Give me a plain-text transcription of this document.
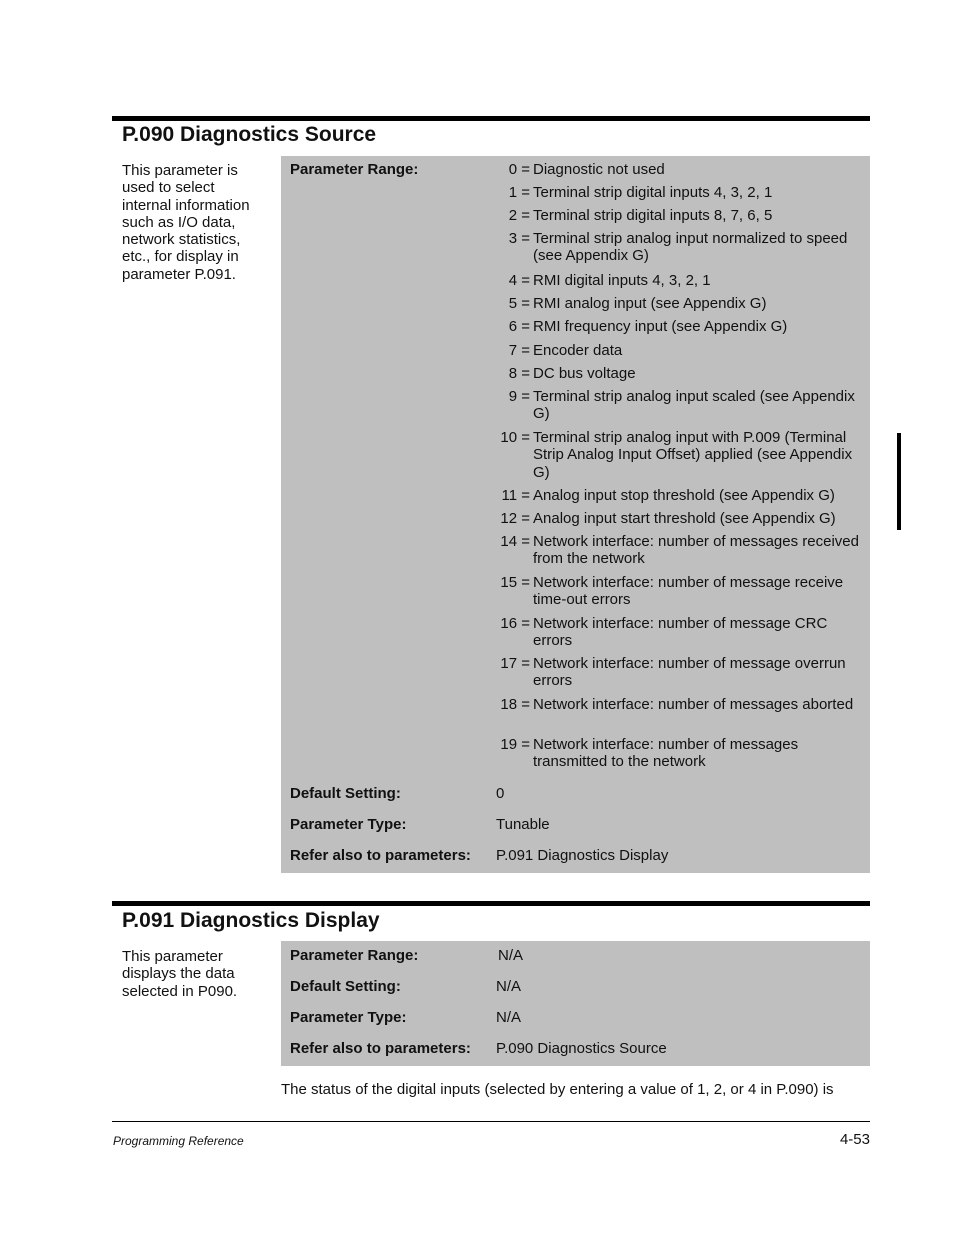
P.090 Diagnostics Source
This parameter is used to select internal information such as I/O data, network statistics, etc., for display in parameter P.091.
Parameter Range:	0 = Diagnostic not used
1 = Terminal strip digital inputs 4, 3, 2, 1
2 = Terminal strip digital inputs 8, 7, 6, 5
3 = Terminal strip analog input normalized to speed (see Appendix G)
4 = RMI digital inputs 4, 3, 2, 1
5 = RMI analog input (see Appendix G)
6 = RMI frequency input (see Appendix G)
7 = Encoder data
8 = DC bus voltage
9 = Terminal strip analog input scaled (see Appendix G)
10 = Terminal strip analog input with P.009 (Terminal Strip Analog Input Offset) applied (see Appendix G)
11 = Analog input stop threshold (see Appendix G)
12 = Analog input start threshold (see Appendix G)
14 = Network interface: number of messages received from the network
15 = Network interface: number of message receive time-out errors
16 = Network interface: number of message CRC errors
17 = Network interface: number of message overrun errors
18 = Network interface: number of messages aborted
19 = Network interface: number of messages transmitted to the network
Default Setting:	0
Parameter Type:	Tunable
Refer also to parameters: P.091 Diagnostics Display
P.091 Diagnostics Display
This parameter displays the data selected in P090.
Parameter Range:	N/A
Default Setting:	N/A
Parameter Type:	N/A
Refer also to parameters: P.090 Diagnostics Source
The status of the digital inputs (selected by entering a value of 1, 2, or 4 in P.090) is
Programming Reference	4-53
